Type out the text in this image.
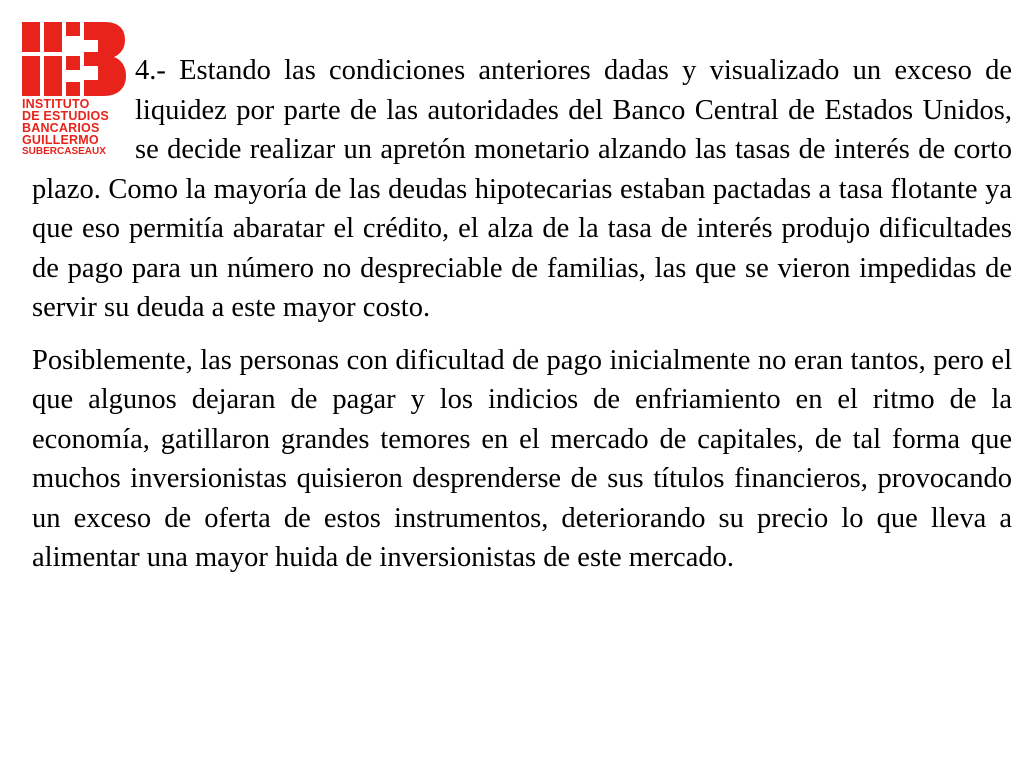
INSTITUTO
DE ESTUDIOS
BANCARIOS
GUILLERMO
SUBERCASEAUX

4.- Estando las condiciones anteriores dadas y visualizado un exceso de liquidez por parte de las autoridades del Banco Central de Estados Unidos, se decide realizar un apretón monetario alzando las tasas de interés de corto plazo. Como la mayoría de las deudas hipotecarias estaban pactadas a tasa flotante ya que eso permitía abaratar el crédito, el alza de la tasa de interés produjo dificultades de pago para un número no despreciable de familias, las que se vieron impedidas de servir su deuda a este mayor costo.

Posiblemente, las personas con dificultad de pago inicialmente no eran tantos, pero el que algunos dejaran de pagar y los indicios de enfriamiento en el ritmo de la economía, gatillaron grandes temores en el mercado de capitales, de tal forma que muchos inversionistas quisieron desprenderse de sus títulos financieros, provocando un exceso de oferta de estos instrumentos, deteriorando su precio lo que lleva a alimentar una mayor huida de inversionistas de este mercado.
